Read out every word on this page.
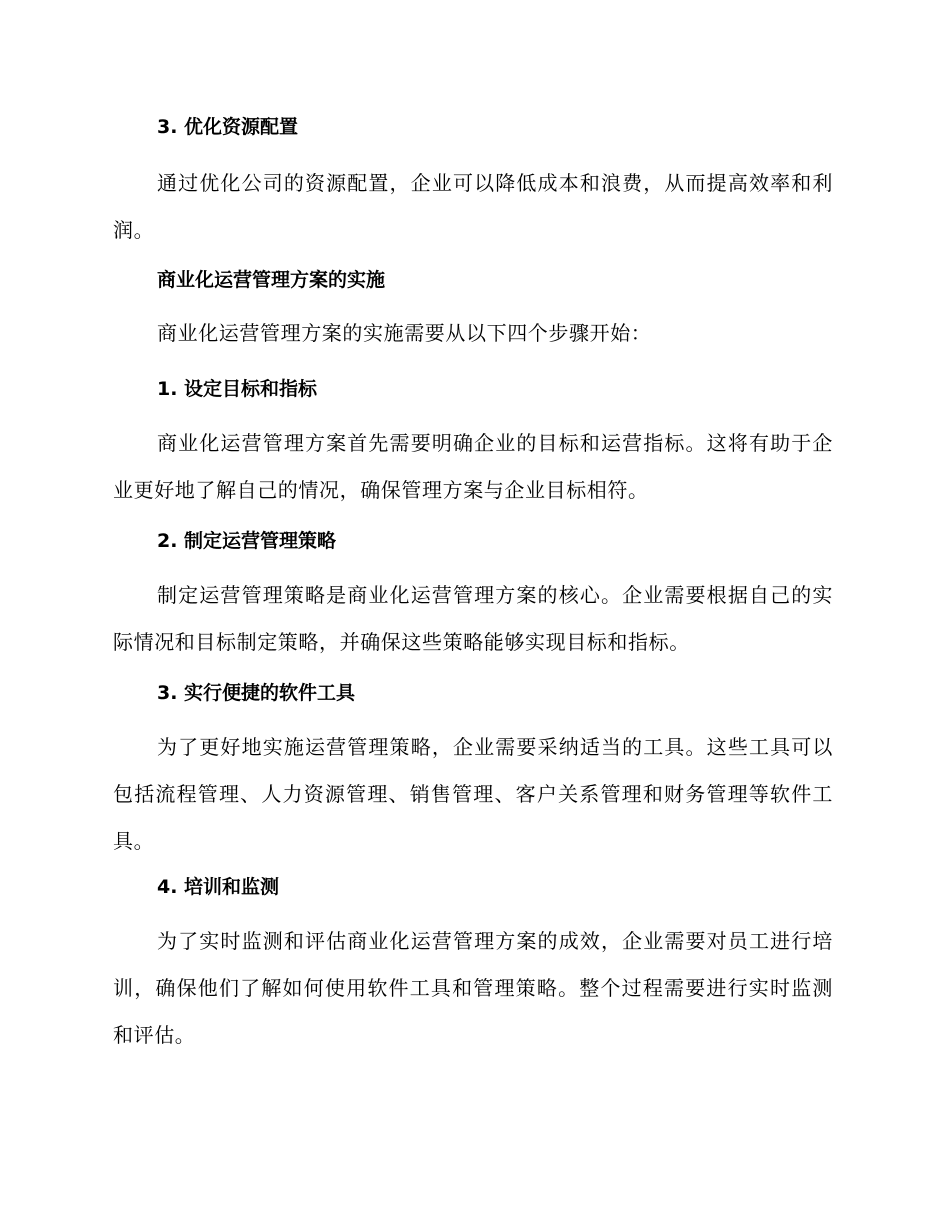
3. 优化资源配置

通过优化公司的资源配置，企业可以降低成本和浪费，从而提高效率和利润。

商业化运营管理方案的实施

商业化运营管理方案的实施需要从以下四个步骤开始：

1. 设定目标和指标

商业化运营管理方案首先需要明确企业的目标和运营指标。这将有助于企业更好地了解自己的情况，确保管理方案与企业目标相符。

2. 制定运营管理策略

制定运营管理策略是商业化运营管理方案的核心。企业需要根据自己的实际情况和目标制定策略，并确保这些策略能够实现目标和指标。

3. 实行便捷的软件工具

为了更好地实施运营管理策略，企业需要采纳适当的工具。这些工具可以包括流程管理、人力资源管理、销售管理、客户关系管理和财务管理等软件工具。

4. 培训和监测

为了实时监测和评估商业化运营管理方案的成效，企业需要对员工进行培训，确保他们了解如何使用软件工具和管理策略。整个过程需要进行实时监测和评估。
